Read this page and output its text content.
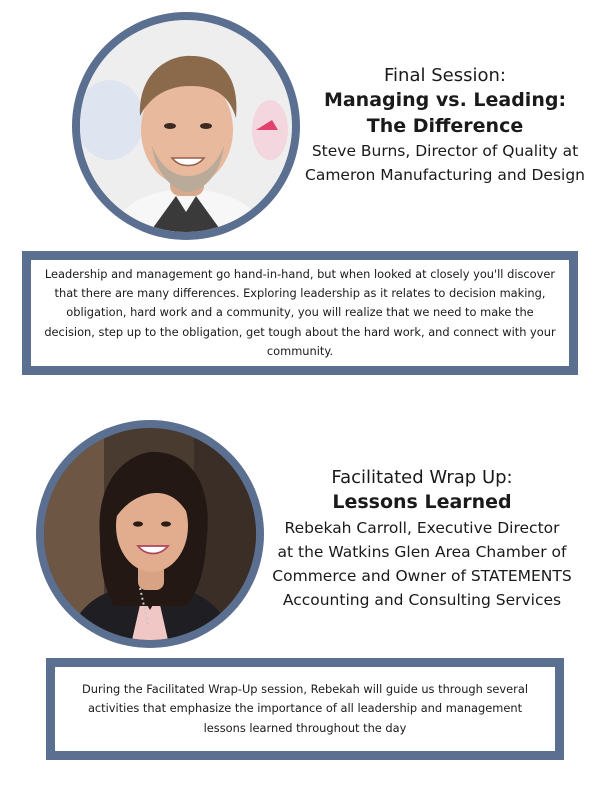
Final Session:
Managing vs. Leading:
The Difference
Steve Burns, Director of Quality at
Cameron Manufacturing and Design
Leadership and management go hand-in-hand, but when looked at closely you'll discover that there are many differences. Exploring leadership as it relates to decision making, obligation, hard work and a community, you will realize that we need to make the decision, step up to the obligation, get tough about the hard work, and connect with your community.
Facilitated Wrap Up:
Lessons Learned
Rebekah Carroll, Executive Director
at the Watkins Glen Area Chamber of
Commerce and Owner of STATEMENTS
Accounting and Consulting Services
During the Facilitated Wrap-Up session, Rebekah will guide us through several activities that emphasize the importance of all leadership and management lessons learned throughout the day
